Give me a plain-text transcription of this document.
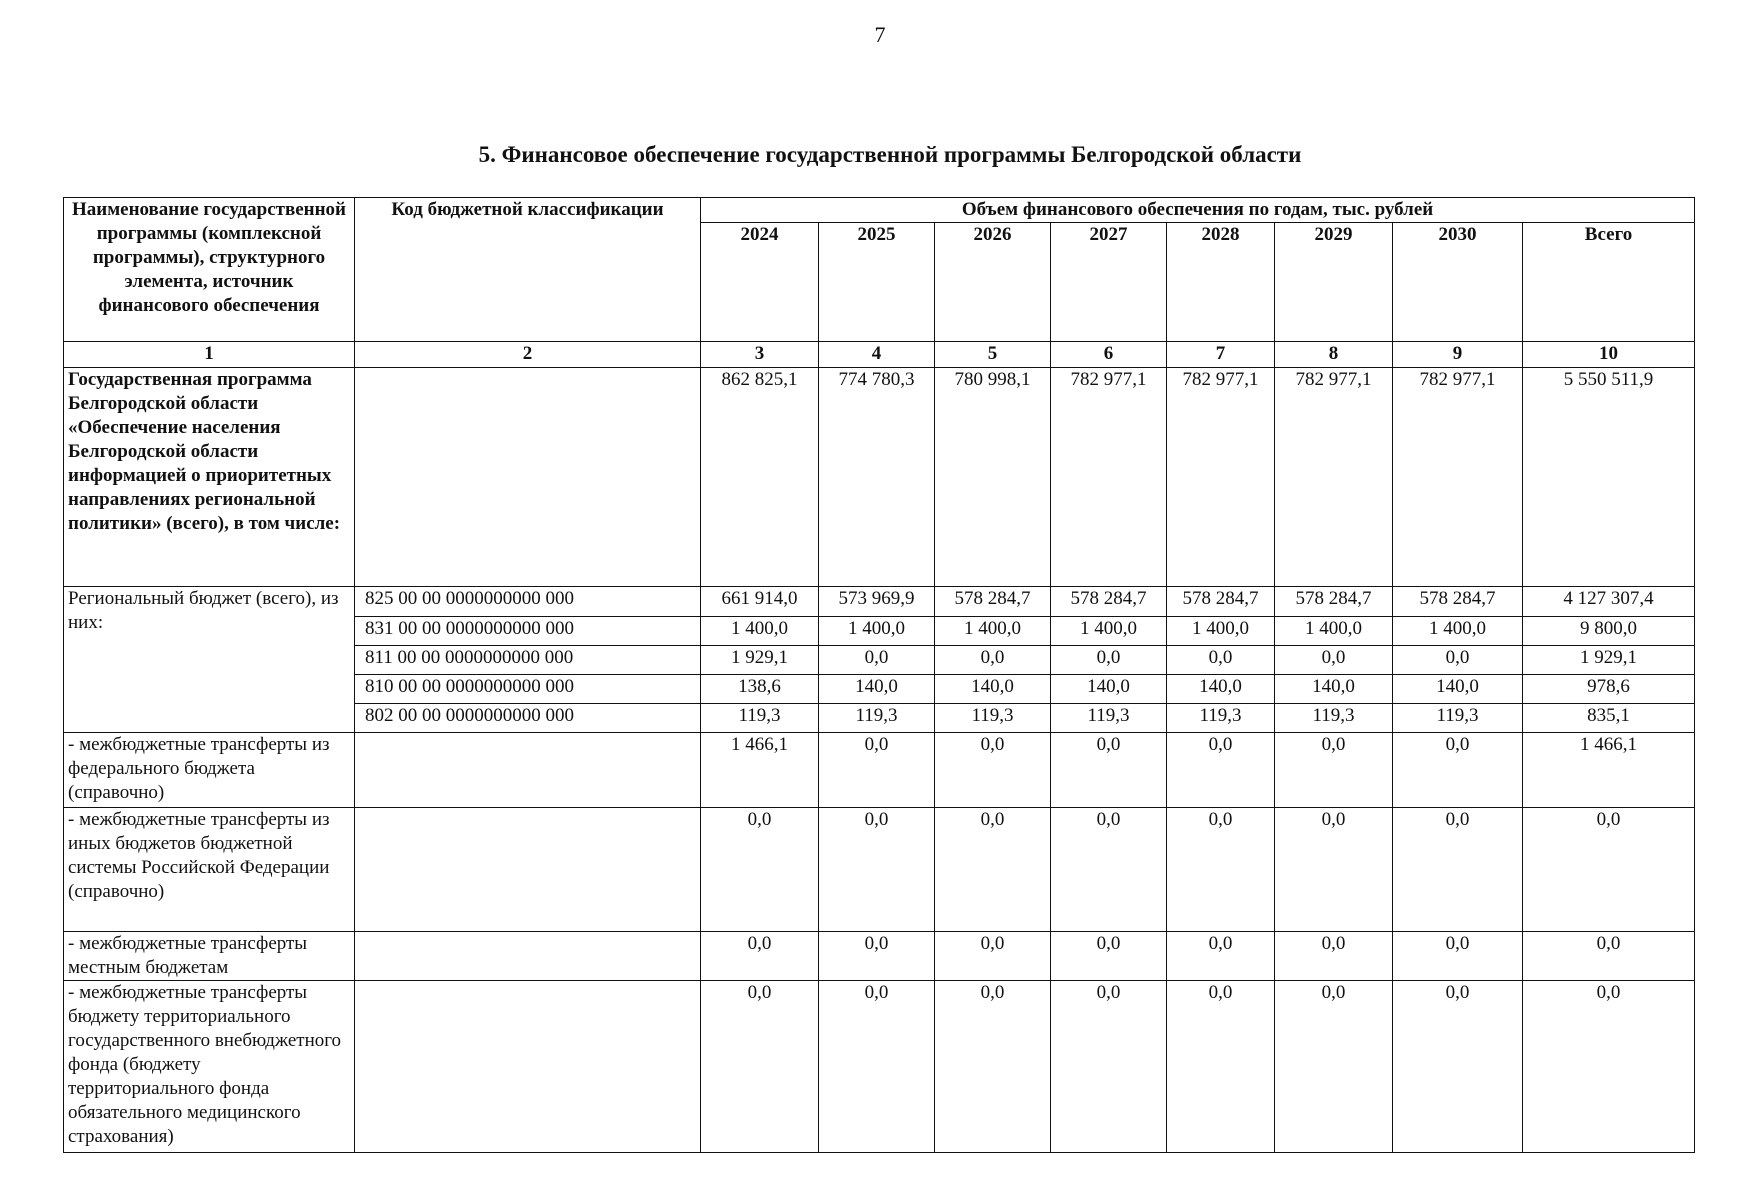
7
5. Финансовое обеспечение государственной программы Белгородской области
Наименование государственной программы (комплексной программы), структурного элемента, источник финансового обеспечения	Код бюджетной классификации	Объем финансового обеспечения по годам, тыс. рублей							
		2024	2025	2026	2027	2028	2029	2030	Всего
1	2	3	4	5	6	7	8	9	10
Государственная программа Белгородской области «Обеспечение населения Белгородской области информацией о приоритетных направлениях региональной политики» (всего), в том числе:		862 825,1	774 780,3	780 998,1	782 977,1	782 977,1	782 977,1	782 977,1	5 550 511,9
Региональный бюджет (всего), из них:	825 00 00 0000000000 000	661 914,0	573 969,9	578 284,7	578 284,7	578 284,7	578 284,7	578 284,7	4 127 307,4
	831 00 00 0000000000 000	1 400,0	1 400,0	1 400,0	1 400,0	1 400,0	1 400,0	1 400,0	9 800,0
	811 00 00 0000000000 000	1 929,1	0,0	0,0	0,0	0,0	0,0	0,0	1 929,1
	810 00 00 0000000000 000	138,6	140,0	140,0	140,0	140,0	140,0	140,0	978,6
	802 00 00 0000000000 000	119,3	119,3	119,3	119,3	119,3	119,3	119,3	835,1
- межбюджетные трансферты из федерального бюджета (справочно)		1 466,1	0,0	0,0	0,0	0,0	0,0	0,0	1 466,1
- межбюджетные трансферты из иных бюджетов бюджетной системы Российской Федерации (справочно)		0,0	0,0	0,0	0,0	0,0	0,0	0,0	0,0
- межбюджетные трансферты местным бюджетам		0,0	0,0	0,0	0,0	0,0	0,0	0,0	0,0
- межбюджетные трансферты бюджету территориального государственного внебюджетного фонда (бюджету территориального фонда обязательного медицинского страхования)		0,0	0,0	0,0	0,0	0,0	0,0	0,0	0,0
